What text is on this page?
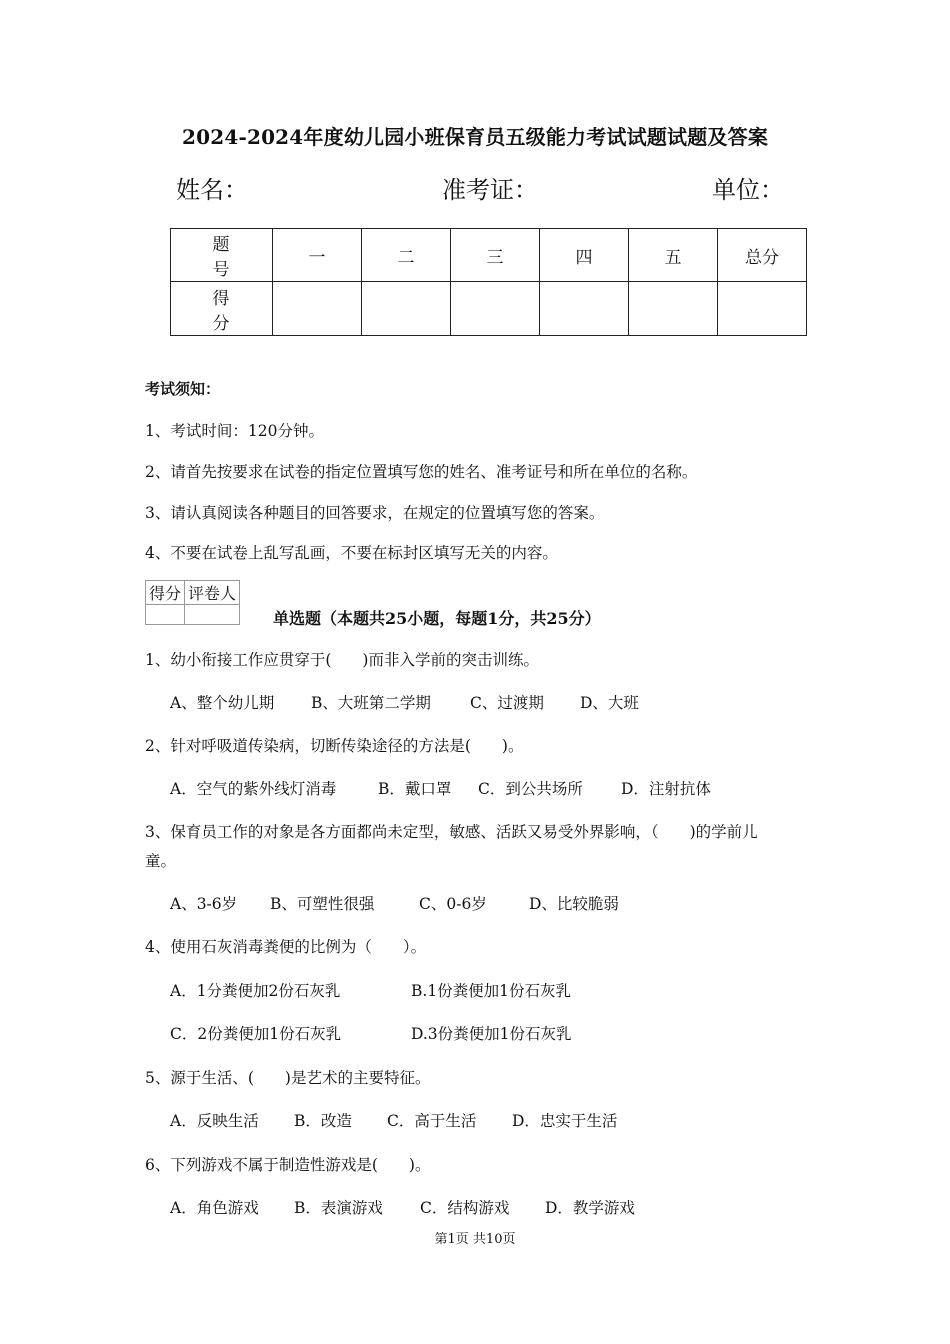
2024-2024年度幼儿园小班保育员五级能力考试试题试题及答案
姓名：	准考证：	单位：
题　号	一	二	三	四	五	总分
得　分						
考试须知：
1、考试时间：120分钟。
2、请首先按要求在试卷的指定位置填写您的姓名、准考证号和所在单位的名称。
3、请认真阅读各种题目的回答要求，在规定的位置填写您的答案。
4、不要在试卷上乱写乱画，不要在标封区填写无关的内容。
得分	评卷人

单选题（本题共25小题，每题1分，共25分）
1、幼小衔接工作应贯穿于(　　)而非入学前的突击训练。
A、整个幼儿期 B、大班第二学期	C、过渡期 D、大班
2、针对呼吸道传染病，切断传染途径的方法是(　　)。
A．空气的紫外线灯消毒	B．戴口罩 C．到公共场所 D．注射抗体
3、保育员工作的对象是各方面都尚未定型，敏感、活跃又易受外界影响，（　　)的学前儿
童。
A、3-6岁 B、可塑性很强	C、0-6岁	D、比较脆弱
4、使用石灰消毒粪便的比例为（　　）。
A．1分粪便加2份石灰乳	B.1份粪便加1份石灰乳
C．2份粪便加1份石灰乳	D.3份粪便加1份石灰乳
5、源于生活、(　　)是艺术的主要特征。
A．反映生活 B．改造 C．高于生活 D．忠实于生活
6、下列游戏不属于制造性游戏是(　　)。
A．角色游戏 B．表演游戏 C．结构游戏 D．教学游戏
第1页 共10页
